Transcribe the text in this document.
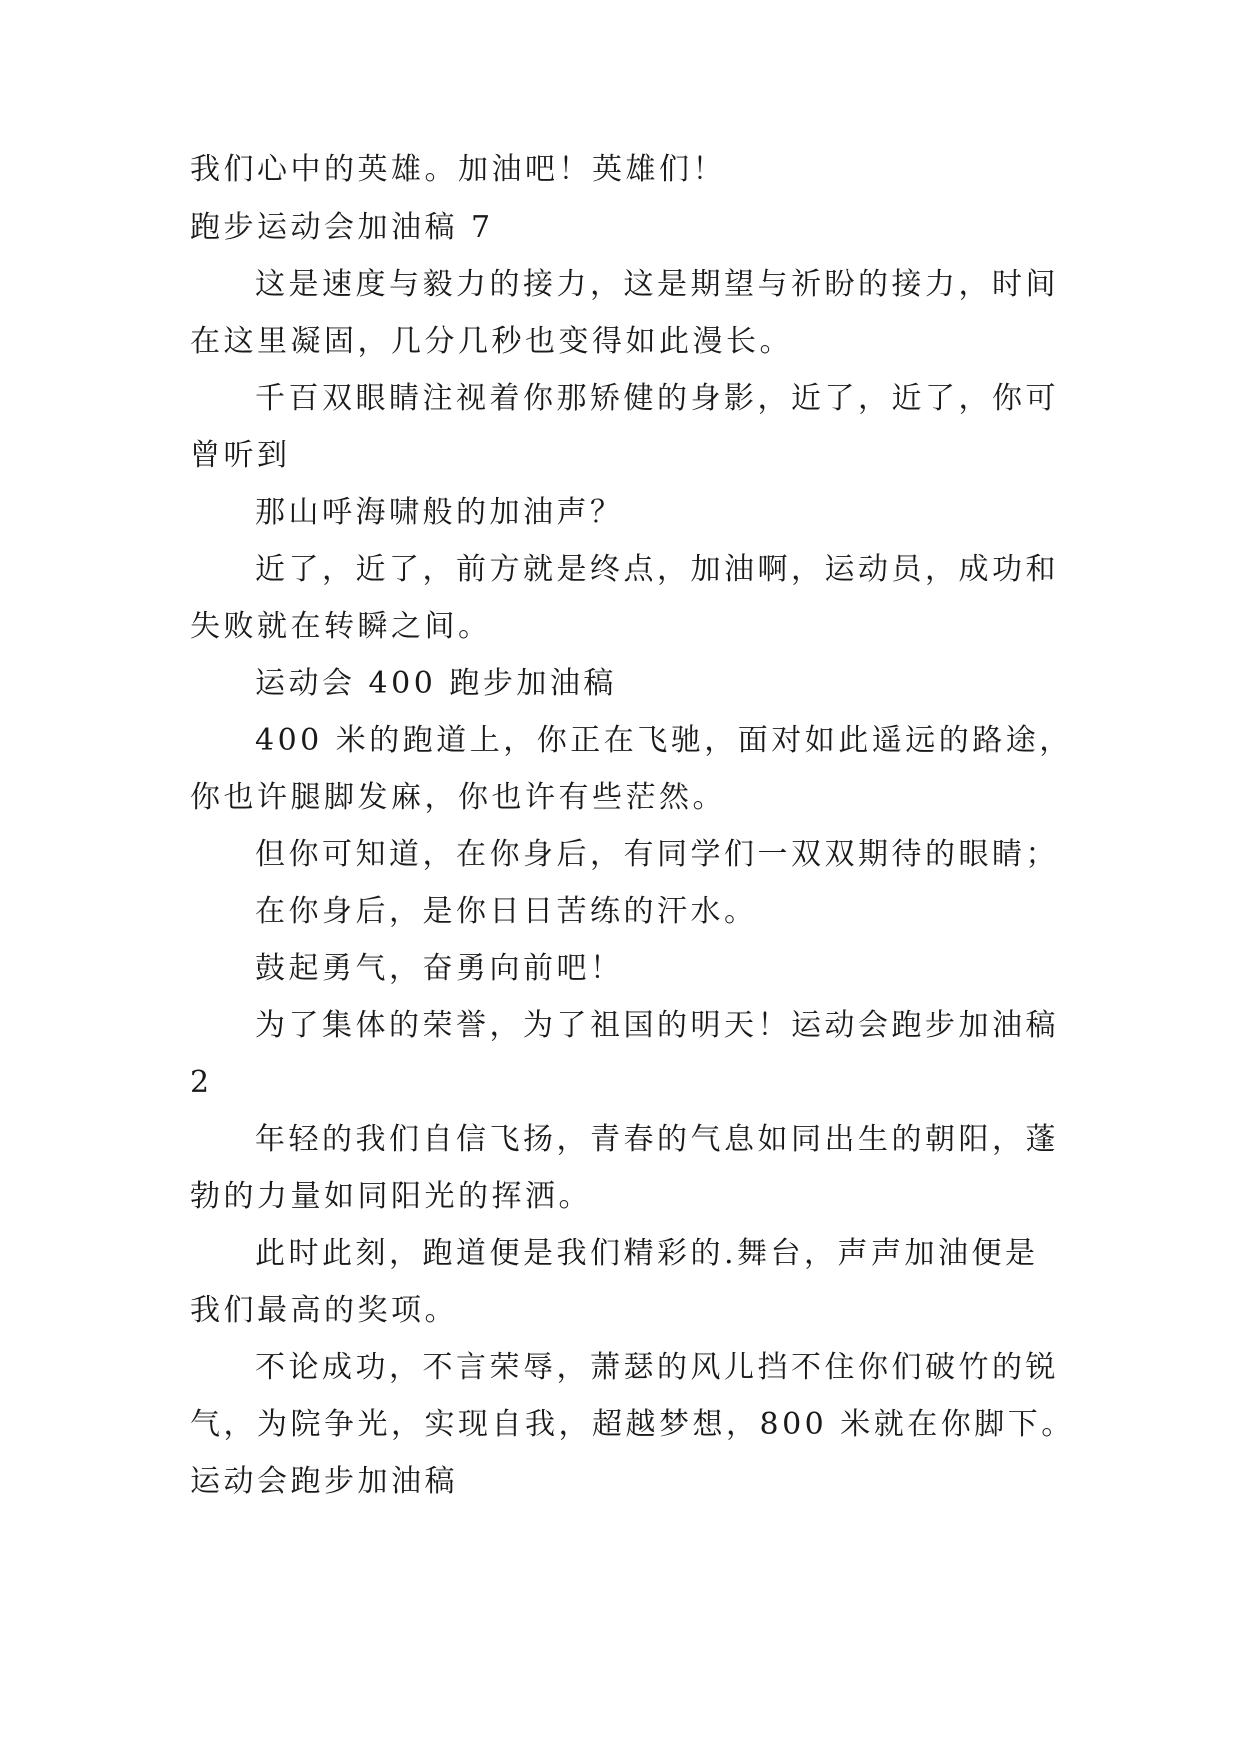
我们心中的英雄。加油吧！英雄们！
跑步运动会加油稿 7
这是速度与毅力的接力，这是期望与祈盼的接力，时间
在这里凝固，几分几秒也变得如此漫长。
千百双眼睛注视着你那矫健的身影，近了，近了，你可
曾听到
那山呼海啸般的加油声？
近了，近了，前方就是终点，加油啊，运动员，成功和
失败就在转瞬之间。
运动会 400 跑步加油稿
400 米的跑道上，你正在飞驰，面对如此遥远的路途，
你也许腿脚发麻，你也许有些茫然。
但你可知道，在你身后，有同学们一双双期待的眼睛；
在你身后，是你日日苦练的汗水。
鼓起勇气，奋勇向前吧！
为了集体的荣誉，为了祖国的明天！运动会跑步加油稿
2
年轻的我们自信飞扬，青春的气息如同出生的朝阳，蓬
勃的力量如同阳光的挥洒。
此时此刻，跑道便是我们精彩的.舞台，声声加油便是
我们最高的奖项。
不论成功，不言荣辱，萧瑟的风儿挡不住你们破竹的锐
气，为院争光，实现自我，超越梦想，800 米就在你脚下。
运动会跑步加油稿
